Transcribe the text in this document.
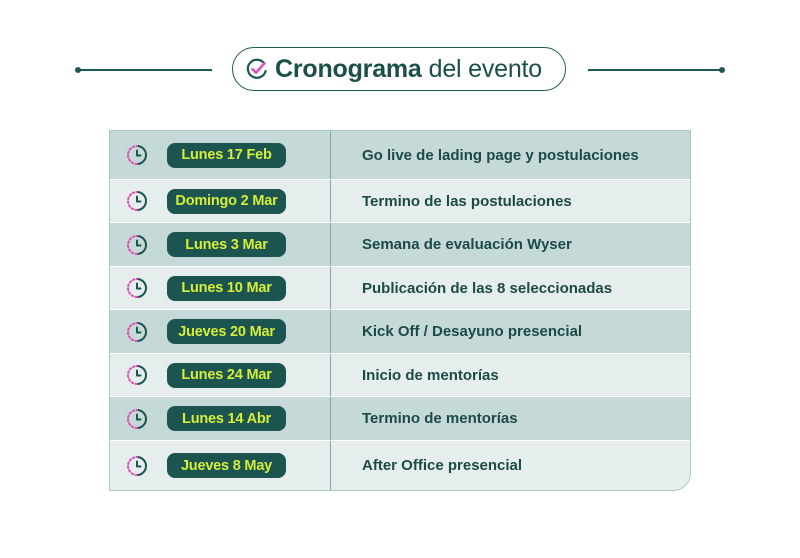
Cronograma del evento
Lunes 17 Feb	Go live de lading page y postulaciones
Domingo 2 Mar	Termino de las postulaciones
Lunes 3 Mar	Semana de evaluación Wyser
Lunes 10 Mar	Publicación de las 8 seleccionadas
Jueves 20 Mar	Kick Off / Desayuno presencial
Lunes 24 Mar	Inicio de mentorías
Lunes 14 Abr	Termino de mentorías
Jueves 8 May	After Office presencial
